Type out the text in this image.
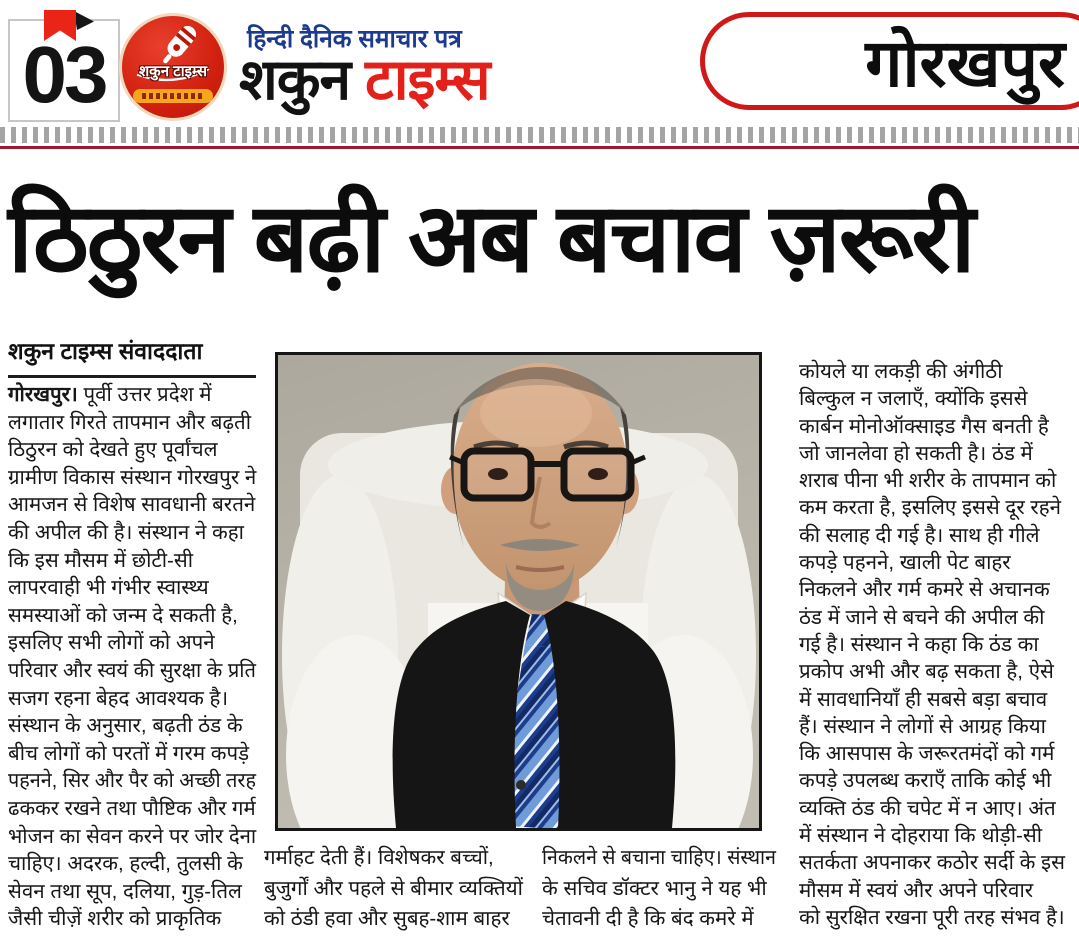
03	शकुन टाइम्स
हिन्दी दैनिक समाचार पत्र
शकुन टाइम्स	गोरखपुर
ठिठुरन बढ़ी अब बचाव ज़रूरी
शकुन टाइम्स संवाददाता
गोरखपुर। पूर्वी उत्तर प्रदेश में
लगातार गिरते तापमान और बढ़ती
ठिठुरन को देखते हुए पूर्वांचल
ग्रामीण विकास संस्थान गोरखपुर ने
आमजन से विशेष सावधानी बरतने
की अपील की है। संस्थान ने कहा
कि इस मौसम में छोटी-सी
लापरवाही भी गंभीर स्वास्थ्य
समस्याओं को जन्म दे सकती है,
इसलिए सभी लोगों को अपने
परिवार और स्वयं की सुरक्षा के प्रति
सजग रहना बेहद आवश्यक है।
संस्थान के अनुसार, बढ़ती ठंड के
बीच लोगों को परतों में गरम कपड़े
पहनने, सिर और पैर को अच्छी तरह
ढककर रखने तथा पौष्टिक और गर्म
भोजन का सेवन करने पर जोर देना
चाहिए। अदरक, हल्दी, तुलसी के
सेवन तथा सूप, दलिया, गुड़-तिल
जैसी चीज़ें शरीर को प्राकृतिक
गर्माहट देती हैं। विशेषकर बच्चों,
बुजुर्गों और पहले से बीमार व्यक्तियों
को ठंडी हवा और सुबह-शाम बाहर
निकलने से बचाना चाहिए। संस्थान
के सचिव डॉक्टर भानु ने यह भी
चेतावनी दी है कि बंद कमरे में
कोयले या लकड़ी की अंगीठी
बिल्कुल न जलाएँ, क्योंकि इससे
कार्बन मोनोऑक्साइड गैस बनती है
जो जानलेवा हो सकती है। ठंड में
शराब पीना भी शरीर के तापमान को
कम करता है, इसलिए इससे दूर रहने
की सलाह दी गई है। साथ ही गीले
कपड़े पहनने, खाली पेट बाहर
निकलने और गर्म कमरे से अचानक
ठंड में जाने से बचने की अपील की
गई है। संस्थान ने कहा कि ठंड का
प्रकोप अभी और बढ़ सकता है, ऐसे
में सावधानियाँ ही सबसे बड़ा बचाव
हैं। संस्थान ने लोगों से आग्रह किया
कि आसपास के जरूरतमंदों को गर्म
कपड़े उपलब्ध कराएँ ताकि कोई भी
व्यक्ति ठंड की चपेट में न आए। अंत
में संस्थान ने दोहराया कि थोड़ी-सी
सतर्कता अपनाकर कठोर सर्दी के इस
मौसम में स्वयं और अपने परिवार
को सुरक्षित रखना पूरी तरह संभव है।
